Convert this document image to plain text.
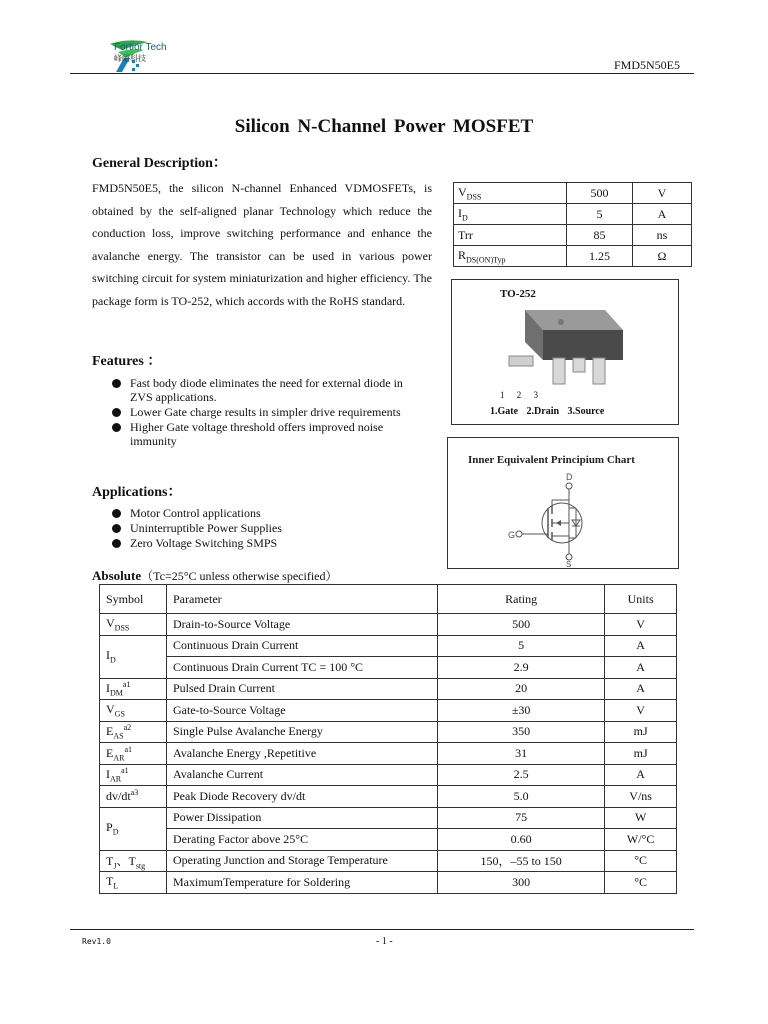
Fortior Tech
峰岹科技	FMD5N50E5
Silicon N-Channel Power MOSFET
General Description：
FMD5N50E5, the silicon N-channel Enhanced VDMOSFETs, is obtained by the self-aligned planar Technology which reduce the conduction loss, improve switching performance and enhance the avalanche energy. The transistor can be used in various power switching circuit for system miniaturization and higher efficiency. The package form is TO-252, which accords with the RoHS standard.
$V_{DSS}$	500	V
$I_D$	5	A
Trr	85	ns
$R_{DS(ON)Typ}$	1.25	Ω
TO-252
1 2 3
1.Gate 2.Drain 3.Source
Inner Equivalent Principium Chart
D
G
S
Features ：
Fast body diode eliminates the need for external diode in ZVS applications.
Lower Gate charge results in simpler drive requirements
Higher Gate voltage threshold offers improved noise immunity
Applications：
Motor Control applications
Uninterruptible Power Supplies
Zero Voltage Switching SMPS
Absolute（Tc=25°C unless otherwise specified）
Symbol	Parameter	Rating	Units
$V_{DSS}$	Drain-to-Source Voltage	500	V
$I_D$	Continuous Drain Current	5	A
	Continuous Drain Current TC = 100 °C	2.9	A
$I_{DM}^{a1}$	Pulsed Drain Current	20	A
$V_{GS}$	Gate-to-Source Voltage	±30	V
$E_{AS}^{a2}$	Single Pulse Avalanche Energy	350	mJ
$E_{AR}^{a1}$	Avalanche Energy ,Repetitive	31	mJ
$I_{AR}^{a1}$	Avalanche Current	2.5	A
$dv/dt^{a3}$	Peak Diode Recovery dv/dt	5.0	V/ns
$P_D$	Power Dissipation	75	W
	Derating Factor above 25°C	0.60	W/°C
$T_J$、$T_{stg}$	Operating Junction and Storage Temperature	150，–55 to 150	°C
$T_L$	MaximumTemperature for Soldering	300	°C
Rev1.0	- 1 -
